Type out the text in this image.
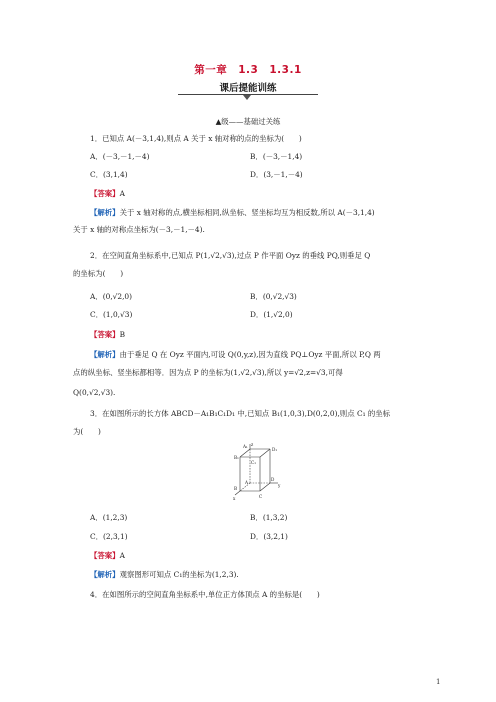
第一章　1.3　1.3.1
课后提能训练
▲级——基础过关练
1．已知点 A(－3,1,4),则点 A 关于 x 轴对称的点的坐标为(　　)
A．(－3,－1,－4)	B．(－3,－1,4)
C．(3,1,4)	D．(3,－1,－4)
【答案】A
【解析】关于 x 轴对称的点,横坐标相同,纵坐标、竖坐标均互为相反数,所以 A(－3,1,4)
关于 x 轴的对称点坐标为(－3,－1,－4).
2．在空间直角坐标系中,已知点 P(1,√2,√3),过点 P 作平面 Oyz 的垂线 PQ,则垂足 Q
的坐标为(　　)
A．(0,√2,0)	B．(0,√2,√3)
C．(1,0,√3)	D．(1,√2,0)
【答案】B
【解析】由于垂足 Q 在 Oyz 平面内,可设 Q(0,y,z),因为直线 PQ⊥Oyz 平面,所以 P,Q 两
点的纵坐标、竖坐标都相等．因为点 P 的坐标为(1,√2,√3),所以 y=√2,z=√3,可得
Q(0,√2,√3).
3．在如图所示的长方体 ABCD－A₁B₁C₁D₁ 中,已知点 B₁(1,0,3),D(0,2,0),则点 C₁ 的坐标
为(　　)
A₁ z
D₁
B₁
C₁
A
D
B
C
x
y
A．(1,2,3)	B．(1,3,2)
C．(2,3,1)	D．(3,2,1)
【答案】A
【解析】观察图形可知点 C₁的坐标为(1,2,3).
4．在如图所示的空间直角坐标系中,单位正方体顶点 A 的坐标是(　　)
1
